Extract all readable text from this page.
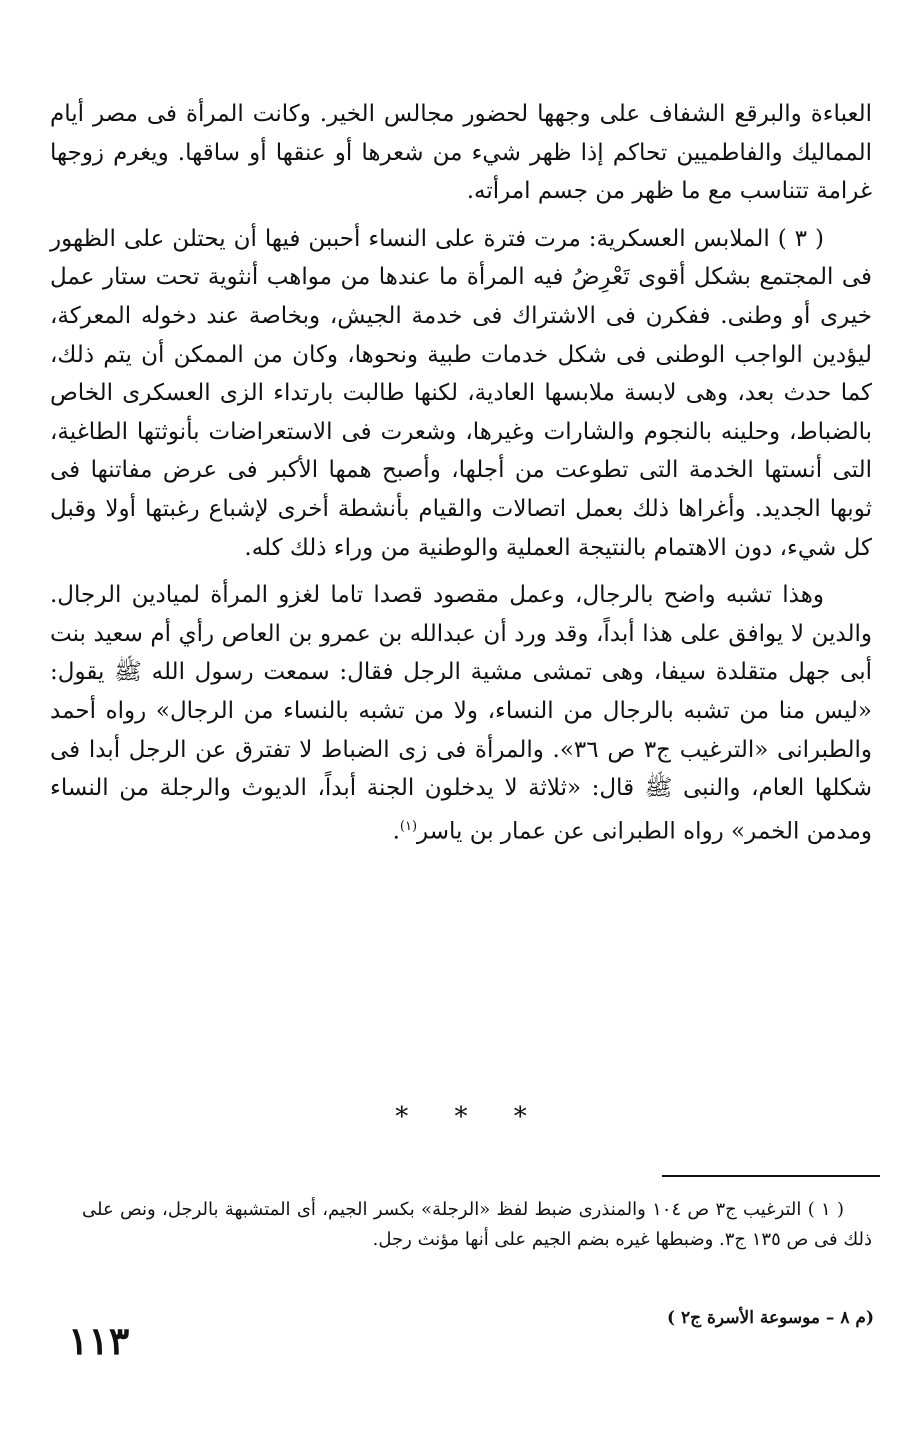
العباءة والبرقع الشفاف على وجهها لحضور مجالس الخير. وكانت المرأة فى مصر أيام المماليك والفاطميين تحاكم إذا ظهر شيء من شعرها أو عنقها أو ساقها. ويغرم زوجها غرامة تتناسب مع ما ظهر من جسم امرأته.

( ٣ ) الملابس العسكرية: مرت فترة على النساء أحببن فيها أن يحتلن على الظهور فى المجتمع بشكل أقوى تَعْرِضُ فيه المرأة ما عندها من مواهب أنثوية تحت ستار عمل خيرى أو وطنى. ففكرن فى الاشتراك فى خدمة الجيش، وبخاصة عند دخوله المعركة، ليؤدين الواجب الوطنى فى شكل خدمات طبية ونحوها، وكان من الممكن أن يتم ذلك، كما حدث بعد، وهى لابسة ملابسها العادية، لكنها طالبت بارتداء الزى العسكرى الخاص بالضباط، وحلينه بالنجوم والشارات وغيرها، وشعرت فى الاستعراضات بأنوثتها الطاغية، التى أنستها الخدمة التى تطوعت من أجلها، وأصبح همها الأكبر فى عرض مفاتنها فى ثوبها الجديد. وأغراها ذلك بعمل اتصالات والقيام بأنشطة أخرى لإشباع رغبتها أولا وقبل كل شيء، دون الاهتمام بالنتيجة العملية والوطنية من وراء ذلك كله.

وهذا تشبه واضح بالرجال، وعمل مقصود قصدا تاما لغزو المرأة لميادين الرجال. والدين لا يوافق على هذا أبداً، وقد ورد أن عبدالله بن عمرو بن العاص رأي أم سعيد بنت أبى جهل متقلدة سيفا، وهى تمشى مشية الرجل فقال: سمعت رسول الله ﷺ يقول: «ليس منا من تشبه بالرجال من النساء، ولا من تشبه بالنساء من الرجال» رواه أحمد والطبرانى «الترغيب ج٣ ص ٣٦». والمرأة فى زى الضباط لا تفترق عن الرجل أبدا فى شكلها العام، والنبى ﷺ قال: «ثلاثة لا يدخلون الجنة أبداً، الديوث والرجلة من النساء ومدمن الخمر» رواه الطبرانى عن عمار بن ياسر$^{(١)}$.

* * *

( ١ ) الترغيب ج٣ ص ١٠٤ والمنذرى ضبط لفظ «الرجلة» بكسر الجيم، أى المتشبهة بالرجل، ونص على ذلك فى ص ١٣٥ ج٣. وضبطها غيره بضم الجيم على أنها مؤنث رجل.

(م ٨ – موسوعة الأسرة ج٢ )
١١٣
